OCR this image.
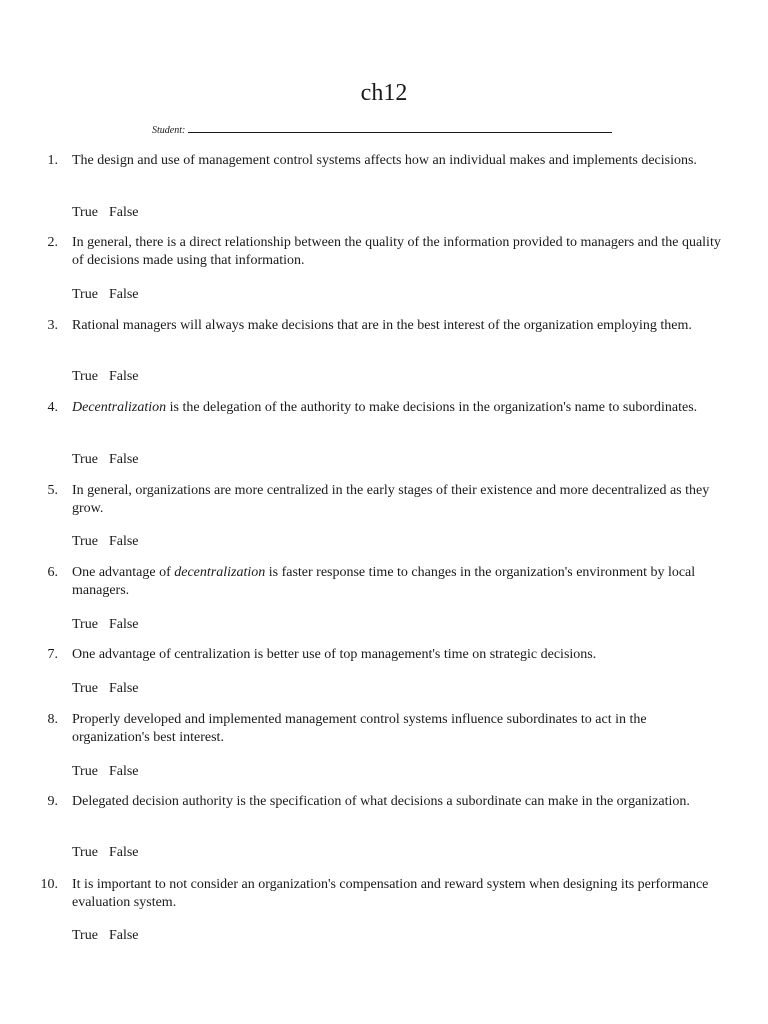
ch12
Student:
1. The design and use of management control systems affects how an individual makes and implements decisions.
True False
2. In general, there is a direct relationship between the quality of the information provided to managers and the quality of decisions made using that information.
True False
3. Rational managers will always make decisions that are in the best interest of the organization employing them.
True False
4. Decentralization is the delegation of the authority to make decisions in the organization's name to subordinates.
True False
5. In general, organizations are more centralized in the early stages of their existence and more decentralized as they grow.
True False
6. One advantage of decentralization is faster response time to changes in the organization's environment by local managers.
True False
7. One advantage of centralization is better use of top management's time on strategic decisions.
True False
8. Properly developed and implemented management control systems influence subordinates to act in the organization's best interest.
True False
9. Delegated decision authority is the specification of what decisions a subordinate can make in the organization.
True False
10. It is important to not consider an organization's compensation and reward system when designing its performance evaluation system.
True False
